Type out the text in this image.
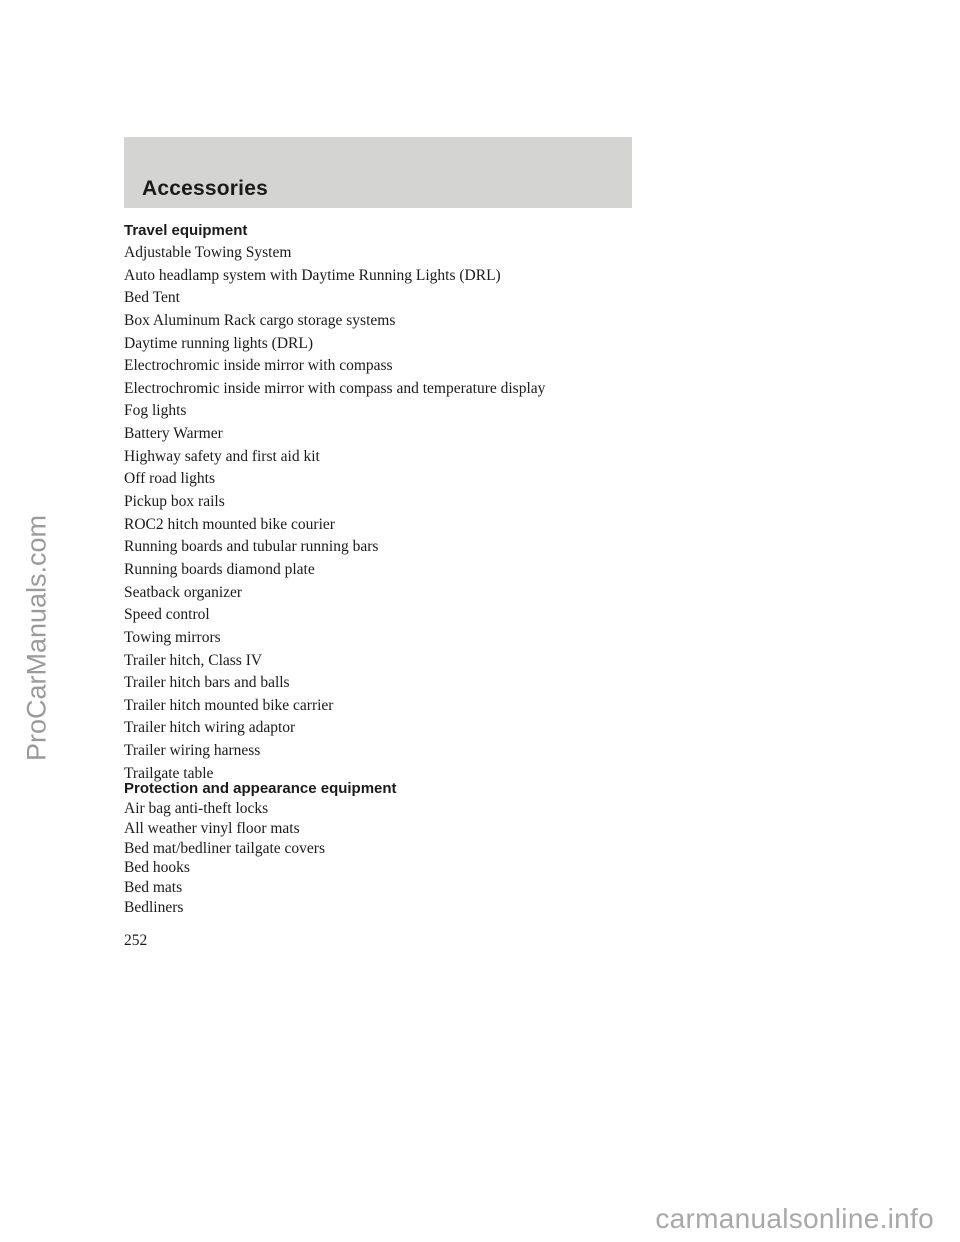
Accessories
Travel equipment
Adjustable Towing System
Auto headlamp system with Daytime Running Lights (DRL)
Bed Tent
Box Aluminum Rack cargo storage systems
Daytime running lights (DRL)
Electrochromic inside mirror with compass
Electrochromic inside mirror with compass and temperature display
Fog lights
Battery Warmer
Highway safety and first aid kit
Off road lights
Pickup box rails
ROC2 hitch mounted bike courier
Running boards and tubular running bars
Running boards diamond plate
Seatback organizer
Speed control
Towing mirrors
Trailer hitch, Class IV
Trailer hitch bars and balls
Trailer hitch mounted bike carrier
Trailer hitch wiring adaptor
Trailer wiring harness
Trailgate table
Protection and appearance equipment
Air bag anti-theft locks
All weather vinyl floor mats
Bed mat/bedliner tailgate covers
Bed hooks
Bed mats
Bedliners
252
ProCarManuals.com
carmanualsonline.info
